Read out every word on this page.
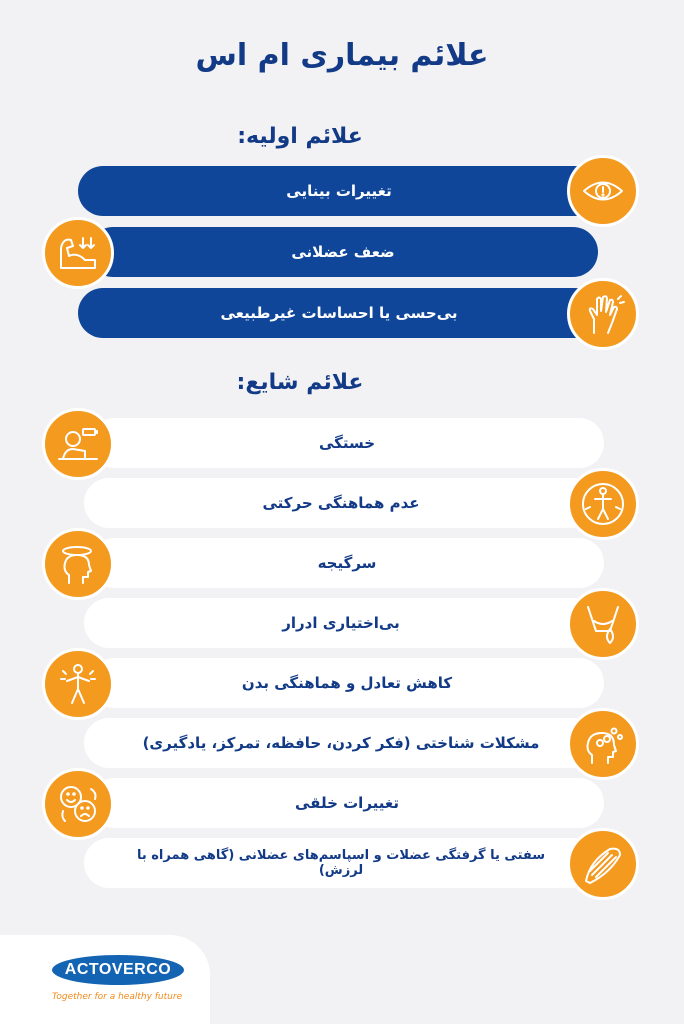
علائم بیماری ام اس
علائم اولیه:
تغییرات بینایی
ضعف عضلانی
بی‌حسی یا احساسات غیرطبیعی
علائم شایع:
خستگی
عدم هماهنگی حرکتی
سرگیجه
بی‌اختیاری ادرار
کاهش تعادل و هماهنگی بدن
مشکلات شناختی (فکر کردن، حافظه، تمرکز، یادگیری)
تغییرات خلقی
سفتی یا گرفتگی عضلات و اسپاسم‌های عضلانی (گاهی همراه با لرزش)
ACTOVERCO
Together for a healthy future
